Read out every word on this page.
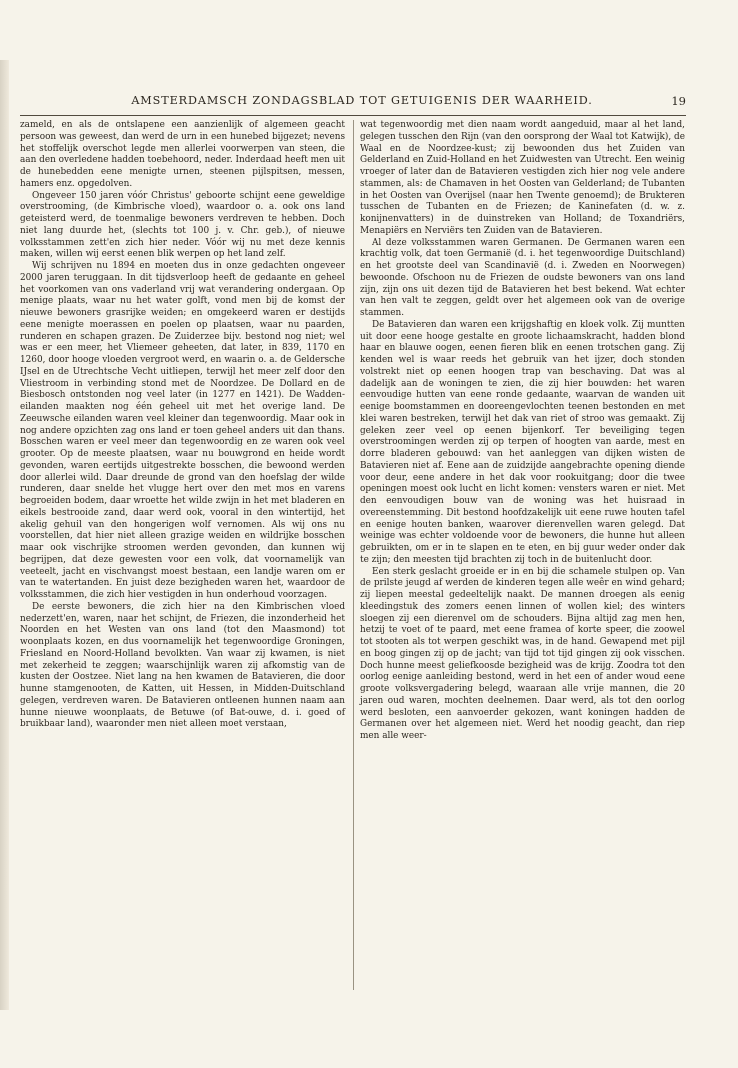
AMSTERDAMSCH ZONDAGSBLAD TOT GETUIGENIS DER WAARHEID.	19

zameld, en als de ontslapene een aanzienlijk of algemeen geacht persoon was geweest, dan werd de urn in een hunebed bijgezet; nevens het stoffelijk overschot legde men allerlei voorwerpen van steen, die aan den overledene hadden toebehoord, neder. Inderdaad heeft men uit de hunebedden eene menigte urnen, steenen pijlspitsen, messen, hamers enz. opgedolven.

Ongeveer 150 jaren vóór Christus' geboorte schijnt eene geweldige overstrooming, (de Kimbrische vloed), waardoor o. a. ook ons land geteisterd werd, de toenmalige bewoners verdreven te hebben. Doch niet lang duurde het, (slechts tot 100 j. v. Chr. geb.), of nieuwe volksstammen zett'en zich hier neder. Vóór wij nu met deze kennis maken, willen wij eerst eenen blik werpen op het land zelf.

Wij schrijven nu 1894 en moeten dus in onze gedachten ongeveer 2000 jaren teruggaan. In dit tijdsverloop heeft de gedaante en geheel het voorkomen van ons vaderland vrij wat verandering ondergaan. Op menige plaats, waar nu het water golft, vond men bij de komst der nieuwe bewoners grasrijke weiden; en omgekeerd waren er destijds eene menigte moerassen en poelen op plaatsen, waar nu paarden, runderen en schapen grazen. De Zuiderzee bijv. bestond nog niet; wel was er een meer, het Vliemeer geheeten, dat later, in 839, 1170 en 1260, door hooge vloeden vergroot werd, en waarin o. a. de Geldersche IJsel en de Utrechtsche Vecht uitliepen, terwijl het meer zelf door den Vliestroom in verbinding stond met de Noordzee. De Dollard en de Biesbosch ontstonden nog veel later (in 1277 en 1421). De Wadden-eilanden maakten nog één geheel uit met het overige land. De Zeeuwsche eilanden waren veel kleiner dan tegenwoordig. Maar ook in nog andere opzichten zag ons land er toen geheel anders uit dan thans. Bosschen waren er veel meer dan tegenwoordig en ze waren ook veel grooter. Op de meeste plaatsen, waar nu bouwgrond en heide wordt gevonden, waren eertijds uitgestrekte bosschen, die bewoond werden door allerlei wild. Daar dreunde de grond van den hoefslag der wilde runderen, daar snelde het vlugge hert over den met mos en varens begroeiden bodem, daar wroette het wilde zwijn in het met bladeren en eikels bestrooide zand, daar werd ook, vooral in den wintertijd, het akelig gehuil van den hongerigen wolf vernomen. Als wij ons nu voorstellen, dat hier niet alleen grazige weiden en wildrijke bosschen maar ook vischrijke stroomen werden gevonden, dan kunnen wij begrijpen, dat deze gewesten voor een volk, dat voornamelijk van veeteelt, jacht en vischvangst moest bestaan, een landje waren om er van te watertanden. En juist deze bezigheden waren het, waardoor de volksstammen, die zich hier vestigden in hun onderhoud voorzagen.

De eerste bewoners, die zich hier na den Kimbrischen vloed nederzett'en, waren, naar het schijnt, de Friezen, die inzonderheid het Noorden en het Westen van ons land (tot den Maasmond) tot woonplaats kozen, en dus voornamelijk het tegenwoordige Groningen, Friesland en Noord-Holland bevolkten. Van waar zij kwamen, is niet met zekerheid te zeggen; waarschijnlijk waren zij afkomstig van de kusten der Oostzee. Niet lang na hen kwamen de Batavieren, die door hunne stamgenooten, de Katten, uit Hessen, in Midden-Duitschland gelegen, verdreven waren. De Batavieren ontleenen hunnen naam aan hunne nieuwe woonplaats, de Betuwe (of Bat-ouwe, d. i. goed of bruikbaar land), waaronder men niet alleen moet verstaan,

wat tegenwoordig met dien naam wordt aangeduid, maar al het land, gelegen tusschen den Rijn (van den oorsprong der Waal tot Katwijk), de Waal en de Noordzee-kust; zij bewoonden dus het Zuiden van Gelderland en Zuid-Holland en het Zuidwesten van Utrecht. Een weinig vroeger of later dan de Batavieren vestigden zich hier nog vele andere stammen, als: de Chamaven in het Oosten van Gelderland; de Tubanten in het Oosten van Overijsel (naar hen Twente genoemd); de Brukteren tusschen de Tubanten en de Friezen; de Kaninefaten (d. w. z. konijnenvatters) in de duinstreken van Holland; de Toxandriërs, Menapiërs en Nerviërs ten Zuiden van de Batavieren.

Al deze volksstammen waren Germanen. De Germanen waren een krachtig volk, dat toen Germanië (d. i. het tegenwoordige Duitschland) en het grootste deel van Scandinavië (d. i. Zweden en Noorwegen) bewoonde. Ofschoon nu de Friezen de oudste bewoners van ons land zijn, zijn ons uit dezen tijd de Batavieren het best bekend. Wat echter van hen valt te zeggen, geldt over het algemeen ook van de overige stammen.

De Batavieren dan waren een krijgshaftig en kloek volk. Zij muntten uit door eene hooge gestalte en groote lichaamskracht, hadden blond haar en blauwe oogen, eenen fieren blik en eenen trotschen gang. Zij kenden wel is waar reeds het gebruik van het ijzer, doch stonden volstrekt niet op eenen hoogen trap van beschaving. Dat was al dadelijk aan de woningen te zien, die zij hier bouwden: het waren eenvoudige hutten van eene ronde gedaante, waarvan de wanden uit eenige boomstammen en dooreengevlochten teenen bestonden en met klei waren bestreken, terwijl het dak van riet of stroo was gemaakt. Zij geleken zeer veel op eenen bijenkorf. Ter beveiliging tegen overstroomingen werden zij op terpen of hoogten van aarde, mest en dorre bladeren gebouwd: van het aanleggen van dijken wisten de Batavieren niet af. Eene aan de zuidzijde aangebrachte opening diende voor deur, eene andere in het dak voor rookuitgang; door die twee openingen moest ook lucht en licht komen: vensters waren er niet. Met den eenvoudigen bouw van de woning was het huisraad in overeenstemming. Dit bestond hoofdzakelijk uit eene ruwe houten tafel en eenige houten banken, waarover dierenvellen waren gelegd. Dat weinige was echter voldoende voor de bewoners, die hunne hut alleen gebruikten, om er in te slapen en te eten, en bij guur weder onder dak te zijn; den meesten tijd brachten zij toch in de buitenlucht door.

Een sterk geslacht groeide er in en bij die schamele stulpen op. Van de prilste jeugd af werden de kinderen tegen alle weêr en wind gehard; zij liepen meestal gedeeltelijk naakt. De mannen droegen als eenig kleedingstuk des zomers eenen linnen of wollen kiel; des winters sloegen zij een dierenvel om de schouders. Bijna altijd zag men hen, hetzij te voet of te paard, met eene framea of korte speer, die zoowel tot stooten als tot werpen geschikt was, in de hand. Gewapend met pijl en boog gingen zij op de jacht; van tijd tot tijd gingen zij ook visschen. Doch hunne meest geliefkoosde bezigheid was de krijg. Zoodra tot den oorlog eenige aanleiding bestond, werd in het een of ander woud eene groote volksvergadering belegd, waaraan alle vrije mannen, die 20 jaren oud waren, mochten deelnemen. Daar werd, als tot den oorlog werd besloten, een aanvoerder gekozen, want koningen hadden de Germanen over het algemeen niet. Werd het noodig geacht, dan riep men alle weer-
